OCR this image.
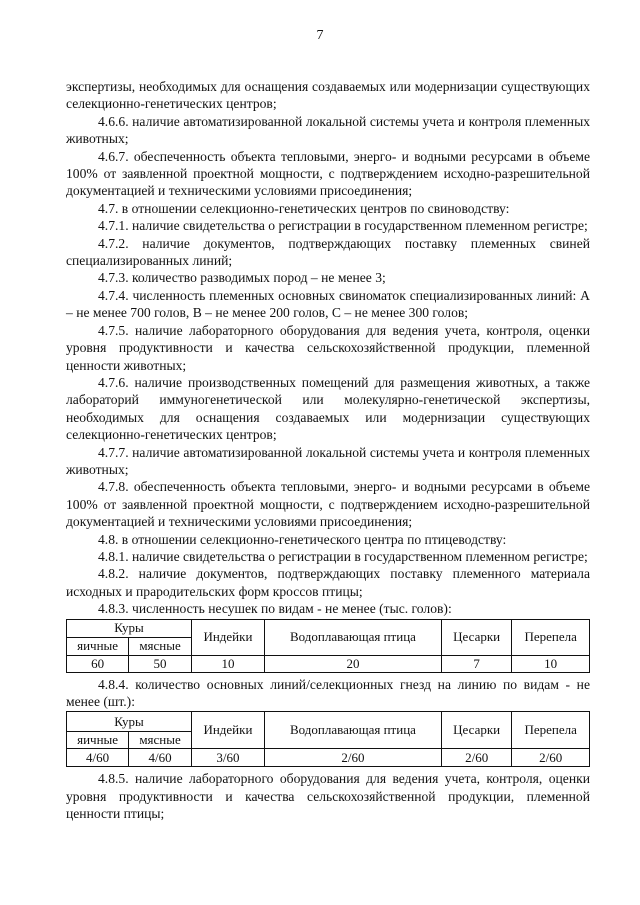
7

экспертизы, необходимых для оснащения создаваемых или модернизации существующих селекционно-генетических центров;

4.6.6. наличие автоматизированной локальной системы учета и контроля племенных животных;

4.6.7. обеспеченность объекта тепловыми, энерго- и водными ресурсами в объеме 100% от заявленной проектной мощности, с подтверждением исходно-разрешительной документацией и техническими условиями присоединения;

4.7. в отношении селекционно-генетических центров по свиноводству:

4.7.1. наличие свидетельства о регистрации в государственном племенном регистре;

4.7.2. наличие документов, подтверждающих поставку племенных свиней специализированных линий;

4.7.3. количество разводимых пород – не менее 3;

4.7.4. численность племенных основных свиноматок специализированных линий: А – не менее 700 голов, В – не менее 200 голов, С – не менее 300 голов;

4.7.5. наличие лабораторного оборудования для ведения учета, контроля, оценки уровня продуктивности и качества сельскохозяйственной продукции, племенной ценности животных;

4.7.6. наличие производственных помещений для размещения животных, а также лабораторий иммуногенетической или молекулярно-генетической экспертизы, необходимых для оснащения создаваемых или модернизации существующих селекционно-генетических центров;

4.7.7. наличие автоматизированной локальной системы учета и контроля племенных животных;

4.7.8. обеспеченность объекта тепловыми, энерго- и водными ресурсами в объеме 100% от заявленной проектной мощности, с подтверждением исходно-разрешительной документацией и техническими условиями присоединения;

4.8. в отношении селекционно-генетического центра по птицеводству:

4.8.1. наличие свидетельства о регистрации в государственном племенном регистре;

4.8.2. наличие документов, подтверждающих поставку племенного материала исходных и прародительских форм кроссов птицы;

4.8.3. численность несушек по видам - не менее (тыс. голов):

Куры		Индейки	Водоплавающая птица	Цесарки	Перепела
яичные	мясные				
60	50	10	20	7	10

4.8.4. количество основных линий/селекционных гнезд на линию по видам - не менее (шт.):

Куры		Индейки	Водоплавающая птица	Цесарки	Перепела
яичные	мясные				
4/60	4/60	3/60	2/60	2/60	2/60

4.8.5. наличие лабораторного оборудования для ведения учета, контроля, оценки уровня продуктивности и качества сельскохозяйственной продукции, племенной ценности птицы;
